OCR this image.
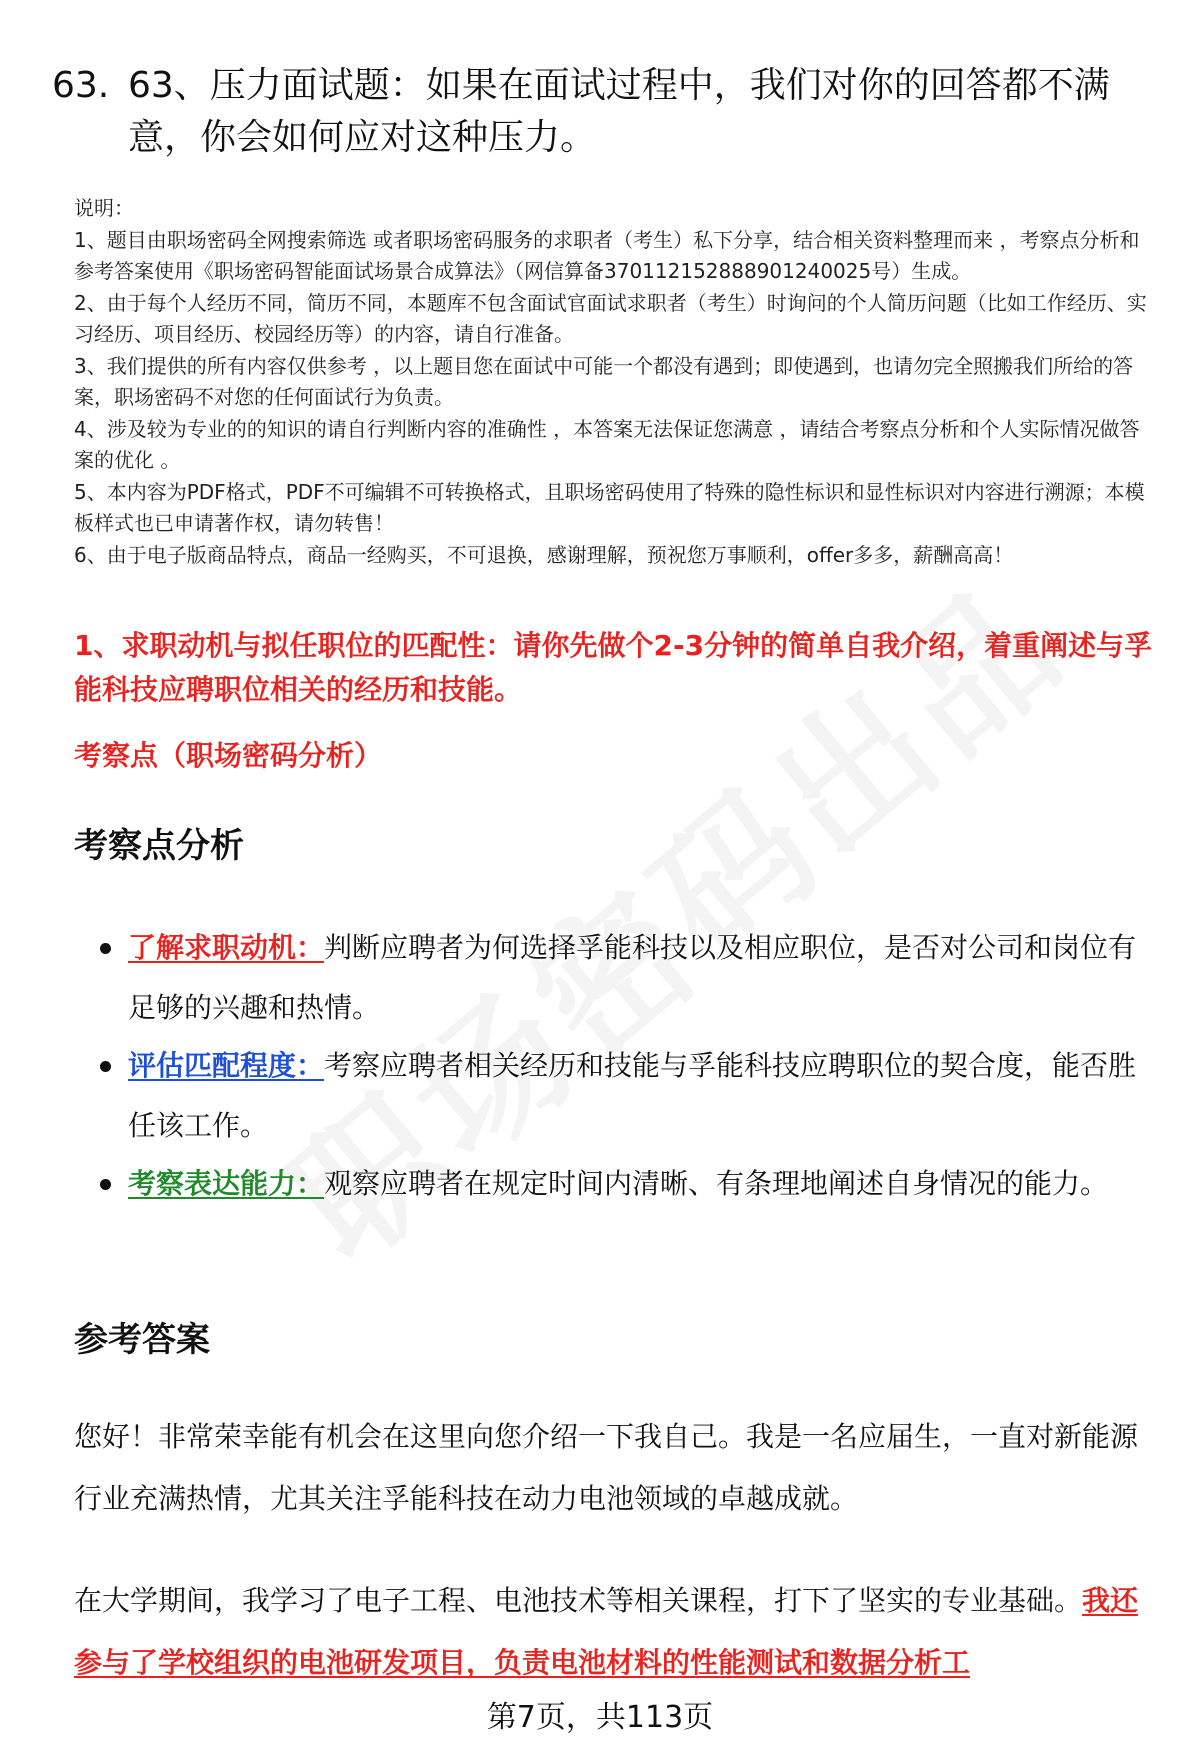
63. 63、压力面试题：如果在面试过程中，我们对你的回答都不满意，你会如何应对这种压力。
说明：
1、题目由职场密码全网搜索筛选 或者职场密码服务的求职者（考生）私下分享，结合相关资料整理而来 ，考察点分析和参考答案使用《职场密码智能面试场景合成算法》（网信算备370112152888901240025号）生成。
2、由于每个人经历不同，简历不同，本题库不包含面试官面试求职者（考生）时询问的个人简历问题（比如工作经历、实习经历、项目经历、校园经历等）的内容，请自行准备。
3、我们提供的所有内容仅供参考 ，以上题目您在面试中可能一个都没有遇到；即使遇到，也请勿完全照搬我们所给的答案，职场密码不对您的任何面试行为负责。
4、涉及较为专业的的知识的请自行判断内容的准确性 ，本答案无法保证您满意 ，请结合考察点分析和个人实际情况做答案的优化 。
5、本内容为PDF格式，PDF不可编辑不可转换格式，且职场密码使用了特殊的隐性标识和显性标识对内容进行溯源；本模板样式也已申请著作权，请勿转售！
6、由于电子版商品特点，商品一经购买，不可退换，感谢理解，预祝您万事顺利，offer多多，薪酬高高！
1、求职动机与拟任职位的匹配性：请你先做个2-3分钟的简单自我介绍，着重阐述与孚能科技应聘职位相关的经历和技能。
考察点（职场密码分析）
考察点分析
了解求职动机：判断应聘者为何选择孚能科技以及相应职位，是否对公司和岗位有足够的兴趣和热情。
评估匹配程度：考察应聘者相关经历和技能与孚能科技应聘职位的契合度，能否胜任该工作。
考察表达能力：观察应聘者在规定时间内清晰、有条理地阐述自身情况的能力。
参考答案
您好！非常荣幸能有机会在这里向您介绍一下我自己。我是一名应届生，一直对新能源行业充满热情，尤其关注孚能科技在动力电池领域的卓越成就。
在大学期间，我学习了电子工程、电池技术等相关课程，打下了坚实的专业基础。我还参与了学校组织的电池研发项目，负责电池材料的性能测试和数据分析工
第7页，共113页
